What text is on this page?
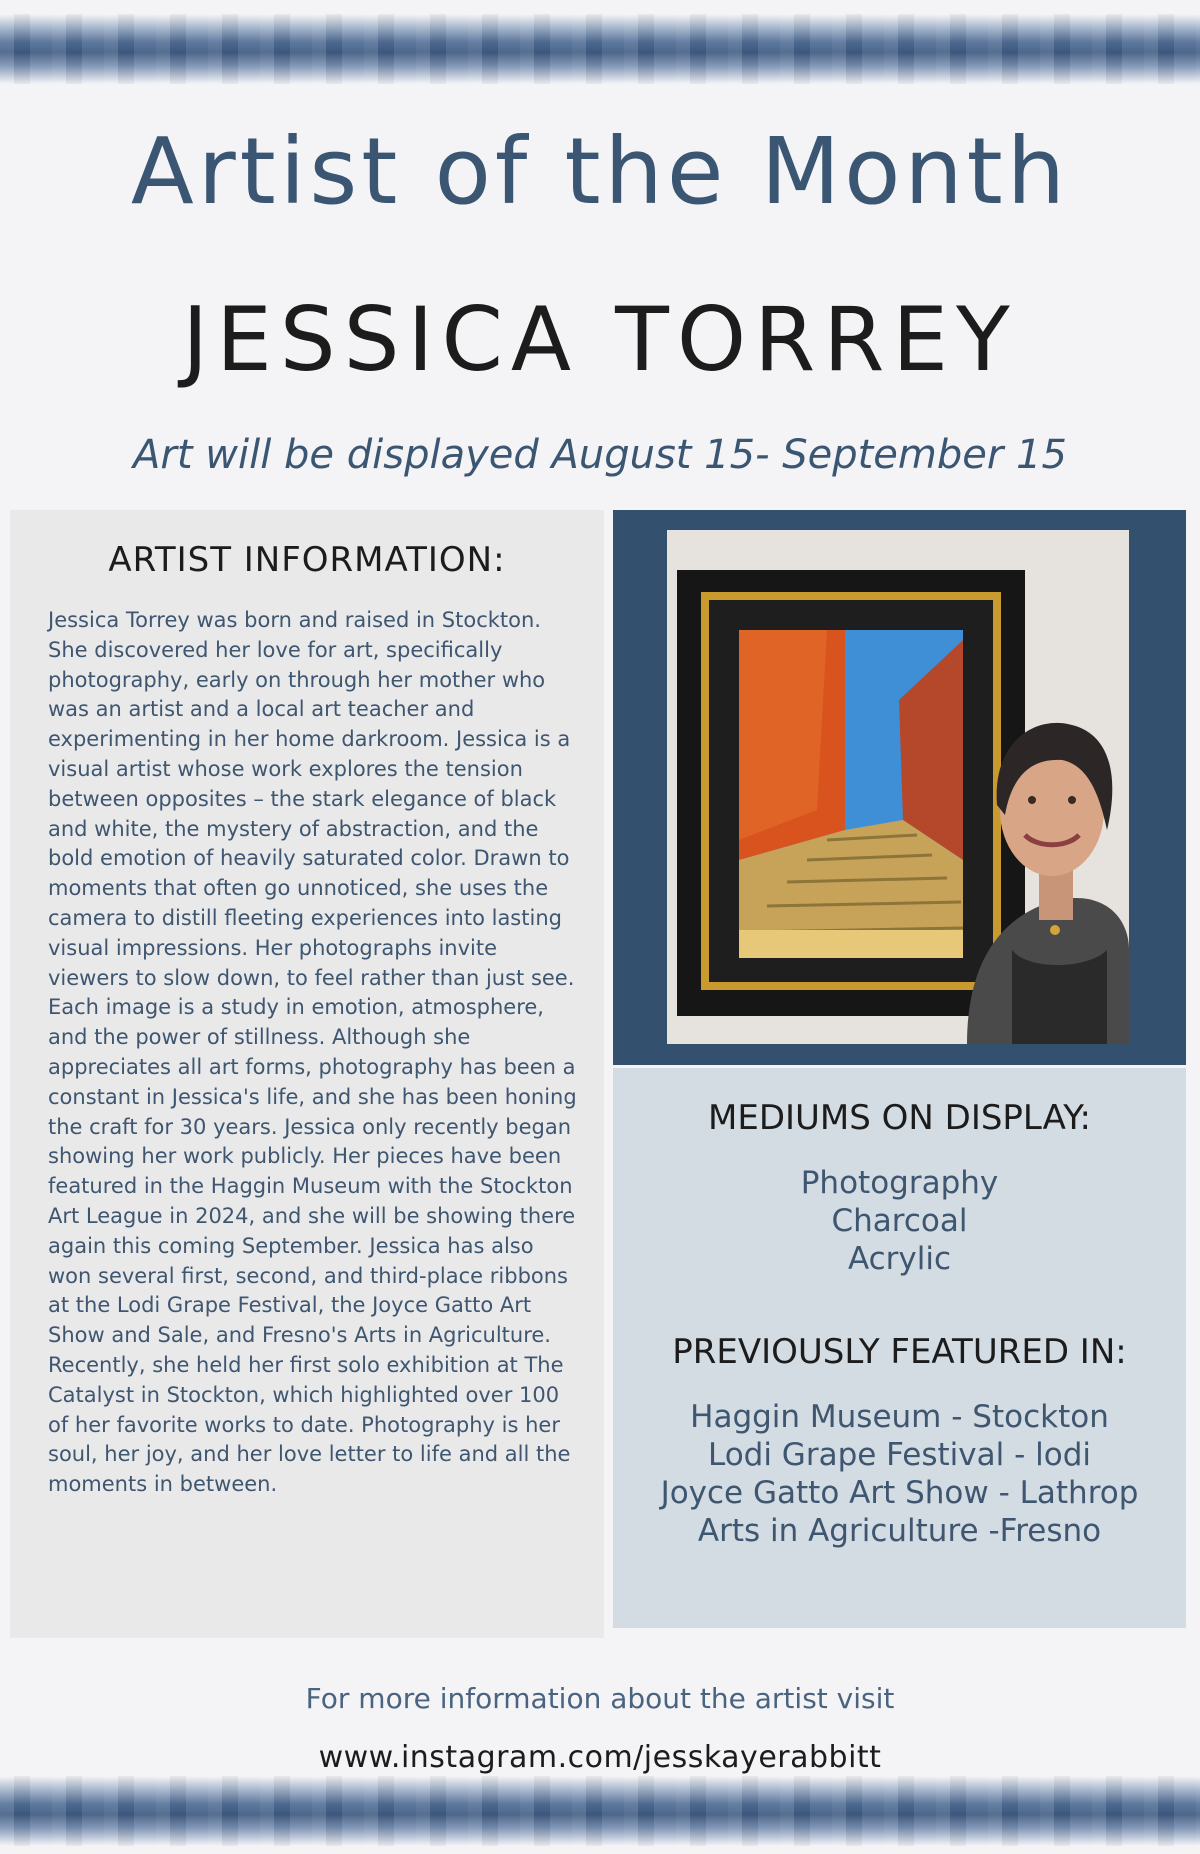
Artist of the Month
JESSICA TORREY
Art will be displayed August 15- September 15
ARTIST INFORMATION:
Jessica Torrey was born and raised in Stockton. She discovered her love for art, specifically photography, early on through her mother who was an artist and a local art teacher and experimenting in her home darkroom. Jessica is a visual artist whose work explores the tension between opposites – the stark elegance of black and white, the mystery of abstraction, and the bold emotion of heavily saturated color. Drawn to moments that often go unnoticed, she uses the camera to distill fleeting experiences into lasting visual impressions. Her photographs invite viewers to slow down, to feel rather than just see. Each image is a study in emotion, atmosphere, and the power of stillness. Although she appreciates all art forms, photography has been a constant in Jessica's life, and she has been honing the craft for 30 years. Jessica only recently began showing her work publicly. Her pieces have been featured in the Haggin Museum with the Stockton Art League in 2024, and she will be showing there again this coming September. Jessica has also won several first, second, and third-place ribbons at the Lodi Grape Festival, the Joyce Gatto Art Show and Sale, and Fresno's Arts in Agriculture. Recently, she held her first solo exhibition at The Catalyst in Stockton, which highlighted over 100 of her favorite works to date. Photography is her soul, her joy, and her love letter to life and all the moments in between.
MEDIUMS ON DISPLAY:
Photography
Charcoal
Acrylic
PREVIOUSLY FEATURED IN:
Haggin Museum - Stockton
Lodi Grape Festival - lodi
Joyce Gatto Art Show - Lathrop
Arts in Agriculture -Fresno
For more information about the artist visit
www.instagram.com/jesskayerabbitt
